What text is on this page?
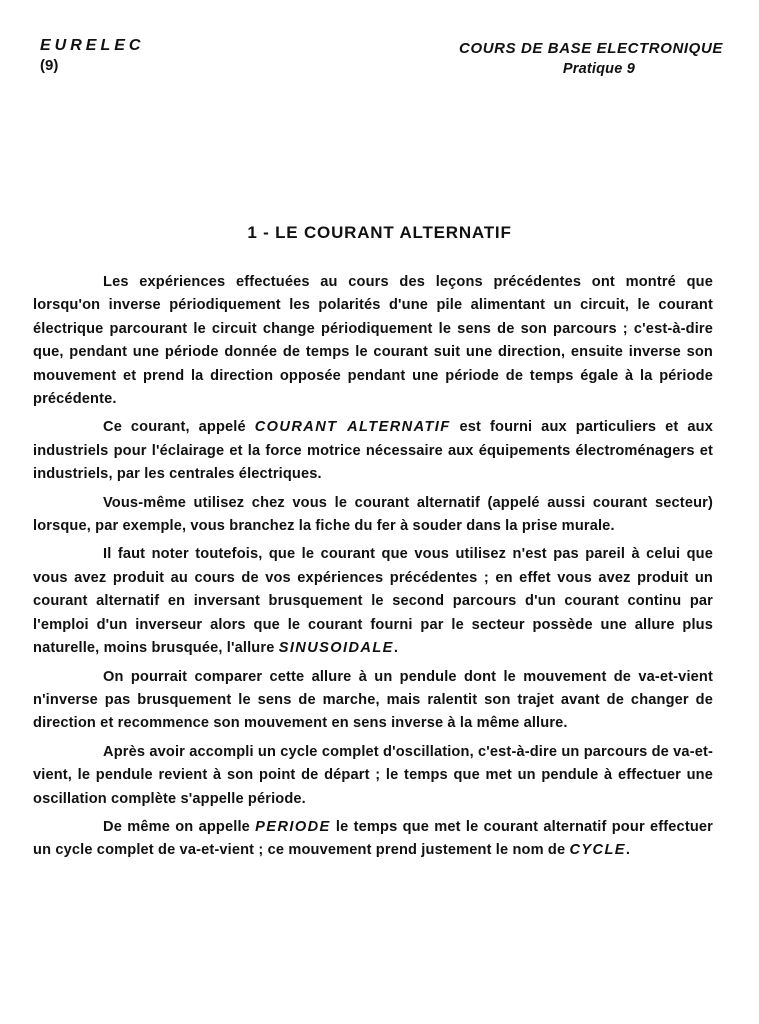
EURELEC
(9)
COURS DE BASE ELECTRONIQUE
Pratique 9
1 - LE COURANT ALTERNATIF

Les expériences effectuées au cours des leçons précédentes ont montré que lorsqu'on inverse périodiquement les polarités d'une pile alimentant un circuit, le courant électrique parcourant le circuit change périodiquement le sens de son parcours ; c'est-à-dire que, pendant une période donnée de temps le courant suit une direction, ensuite inverse son mouvement et prend la direction opposée pendant une période de temps égale à la période précédente.

Ce courant, appelé COURANT ALTERNATIF est fourni aux particuliers et aux industriels pour l'éclairage et la force motrice nécessaire aux équipements électroménagers et industriels, par les centrales électriques.

Vous-même utilisez chez vous le courant alternatif (appelé aussi courant secteur) lorsque, par exemple, vous branchez la fiche du fer à souder dans la prise murale.

Il faut noter toutefois, que le courant que vous utilisez n'est pas pareil à celui que vous avez produit au cours de vos expériences précédentes ; en effet vous avez produit un courant alternatif en inversant brusquement le second parcours d'un courant continu par l'emploi d'un inverseur alors que le courant fourni par le secteur possède une allure plus naturelle, moins brusquée, l'allure SINUSOIDALE.

On pourrait comparer cette allure à un pendule dont le mouvement de va-et-vient n'inverse pas brusquement le sens de marche, mais ralentit son trajet avant de changer de direction et recommence son mouvement en sens inverse à la même allure.

Après avoir accompli un cycle complet d'oscillation, c'est-à-dire un parcours de va-et-vient, le pendule revient à son point de départ ; le temps que met un pendule à effectuer une oscillation complète s'appelle période.

De même on appelle PERIODE le temps que met le courant alternatif pour effectuer un cycle complet de va-et-vient ; ce mouvement prend justement le nom de CYCLE.
